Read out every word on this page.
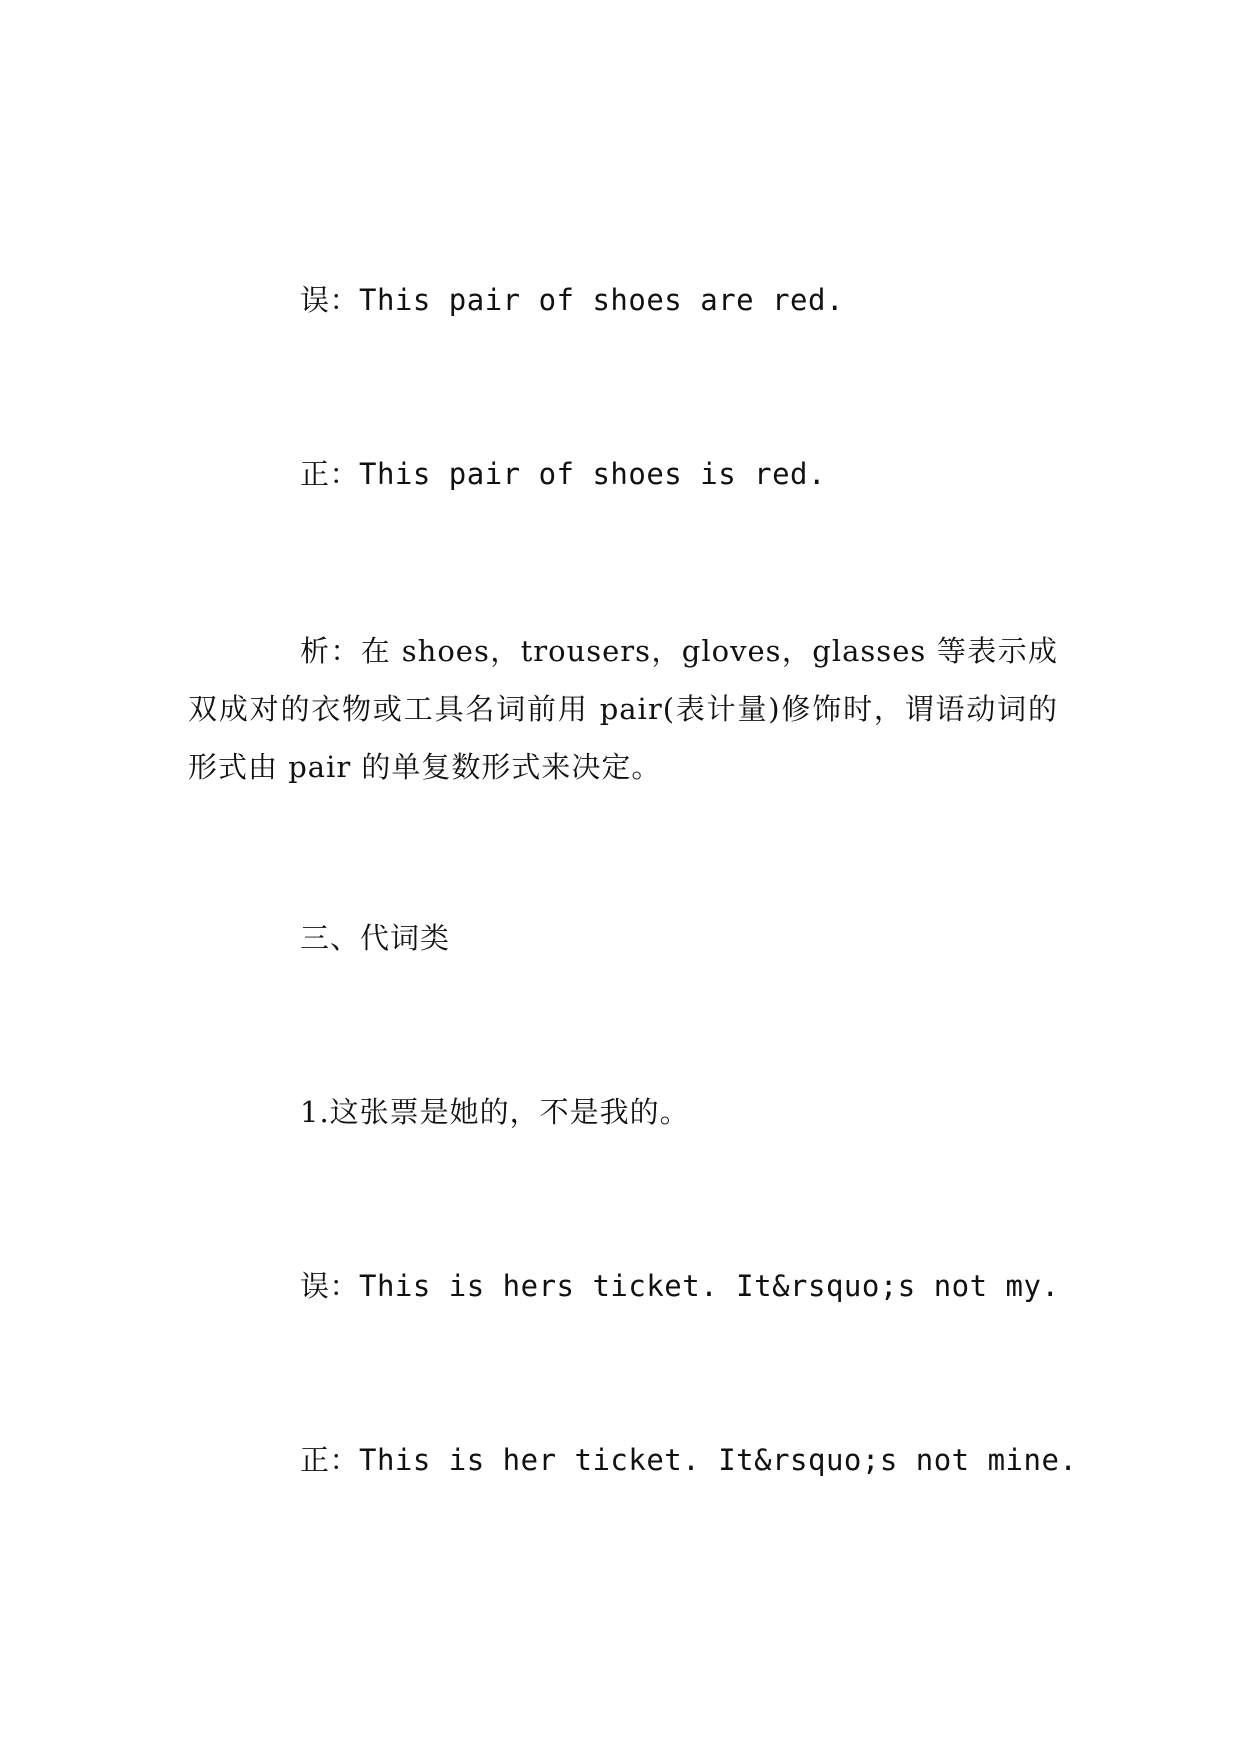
误：This pair of shoes are red.

正：This pair of shoes is red.

析：在 shoes，trousers，gloves，glasses 等表示成双成对的衣物或工具名词前用 pair(表计量)修饰时，谓语动词的形式由 pair 的单复数形式来决定。

三、代词类

1.这张票是她的，不是我的。

误：This is hers ticket. It&rsquo;s not my.

正：This is her ticket. It&rsquo;s not mine.
